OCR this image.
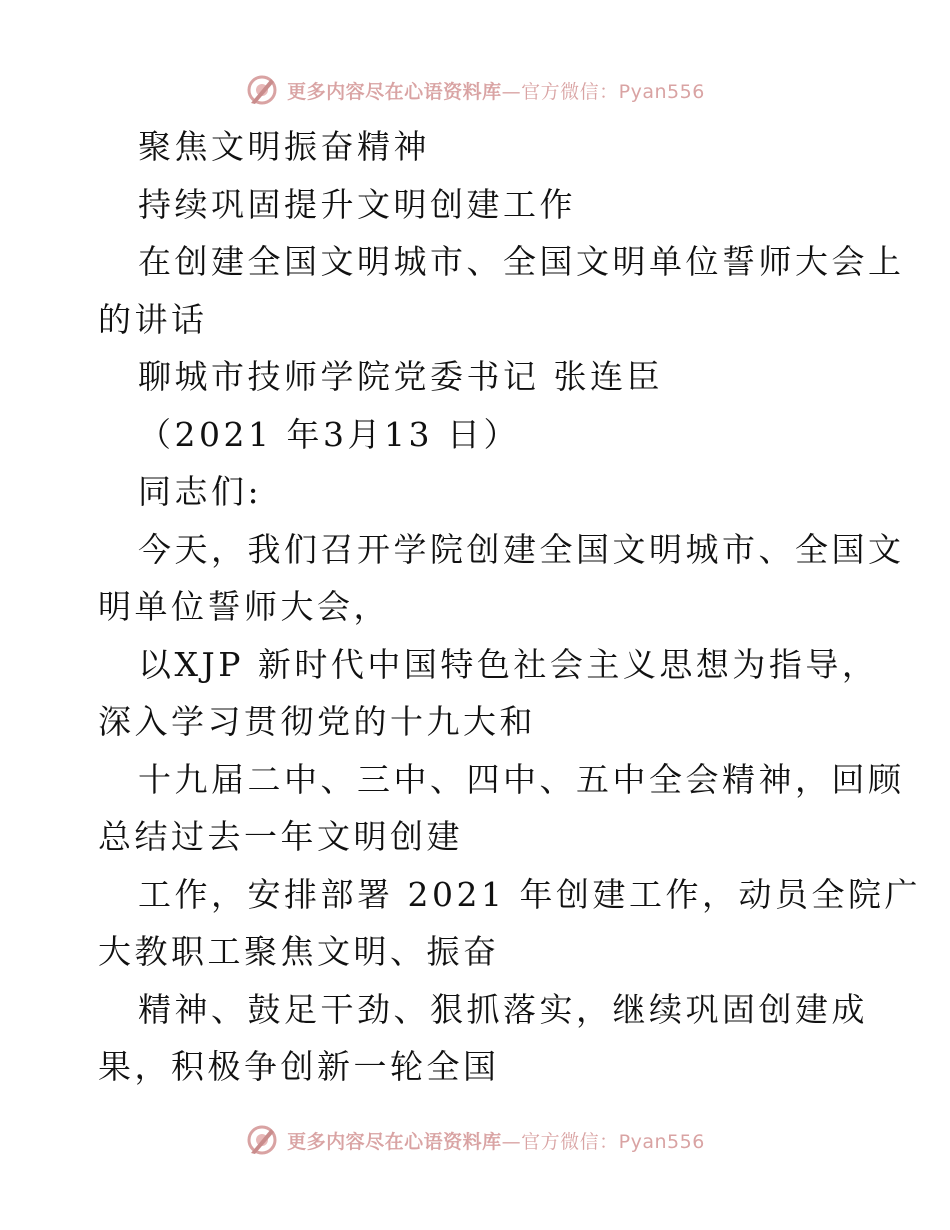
更多内容尽在心语资料库—官方微信：Pyan556
聚焦文明振奋精神
持续巩固提升文明创建工作
在创建全国文明城市、全国文明单位誓师大会上
的讲话
聊城市技师学院党委书记 张连臣
（2021 年3月13 日）
同志们:
今天，我们召开学院创建全国文明城市、全国文
明单位誓师大会，
以XJP 新时代中国特色社会主义思想为指导，
深入学习贯彻党的十九大和
十九届二中、三中、四中、五中全会精神，回顾
总结过去一年文明创建
工作，安排部署 2021 年创建工作，动员全院广
大教职工聚焦文明、振奋
精神、鼓足干劲、狠抓落实，继续巩固创建成
果，积极争创新一轮全国
更多内容尽在心语资料库—官方微信：Pyan556
